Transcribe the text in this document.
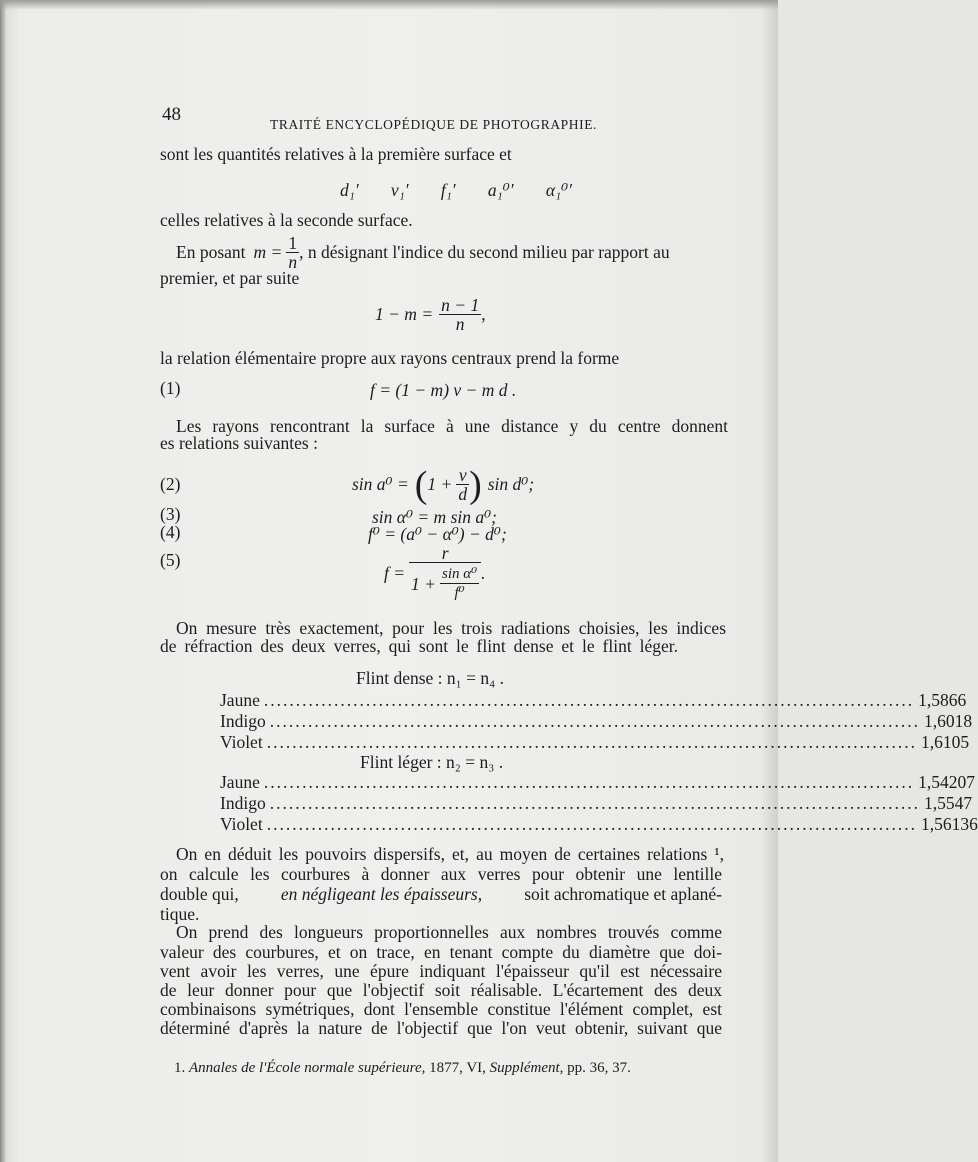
48	TRAITÉ ENCYCLOPÉDIQUE DE PHOTOGRAPHIE.
sont les quantités relatives à la première surface et
d₁′ v₁′ f₁′ a₁⁰′ α₁⁰′
celles relatives à la seconde surface.
En posant $m = \frac{1}{n}$ , n désignant l'indice du second milieu par rapport au
premier, et par suite
$1 - m = \frac{n - 1}{n}$ ,
la relation élémentaire propre aux rayons centraux prend la forme
(1)	f = (1 − m) v − m d .
Les rayons rencontrant la surface à une distance y du centre donnent
es relations suivantes :
(2)	sin a⁰ = ( $1 + \frac{v}{d}$ ) sin d⁰;
(3)	sin α⁰ = m sin a⁰;
(4)	f⁰ = (a⁰ − α⁰) − d⁰;
(5)
$f = \frac{r}{1 + \frac{\text{sin α⁰}}{\text{f⁰}}}$ .
On mesure très exactement, pour les trois radiations choisies, les indices
de réfraction des deux verres, qui sont le flint dense et le flint léger.
Flint dense : n₁ = n₄ .
Jaune ...................................................................................................... 1,5866
Indigo ...................................................................................................... 1,6018
Violet ...................................................................................................... 1,6105
Flint léger : n₂ = n₃ .
Jaune ...................................................................................................... 1,54207
Indigo ...................................................................................................... 1,5547
Violet ...................................................................................................... 1,56136
On en déduit les pouvoirs dispersifs, et, au moyen de certaines relations ¹,
on calcule les courbures à donner aux verres pour obtenir une lentille
double qui, en négligeant les épaisseurs, soit achromatique et aplané-
tique.
On prend des longueurs proportionnelles aux nombres trouvés comme
valeur des courbures, et on trace, en tenant compte du diamètre que doi-
vent avoir les verres, une épure indiquant l'épaisseur qu'il est nécessaire
de leur donner pour que l'objectif soit réalisable. L'écartement des deux
combinaisons symétriques, dont l'ensemble constitue l'élément complet, est
déterminé d'après la nature de l'objectif que l'on veut obtenir, suivant que
1. Annales de l'École normale supérieure, 1877, VI, Supplément, pp. 36, 37.
